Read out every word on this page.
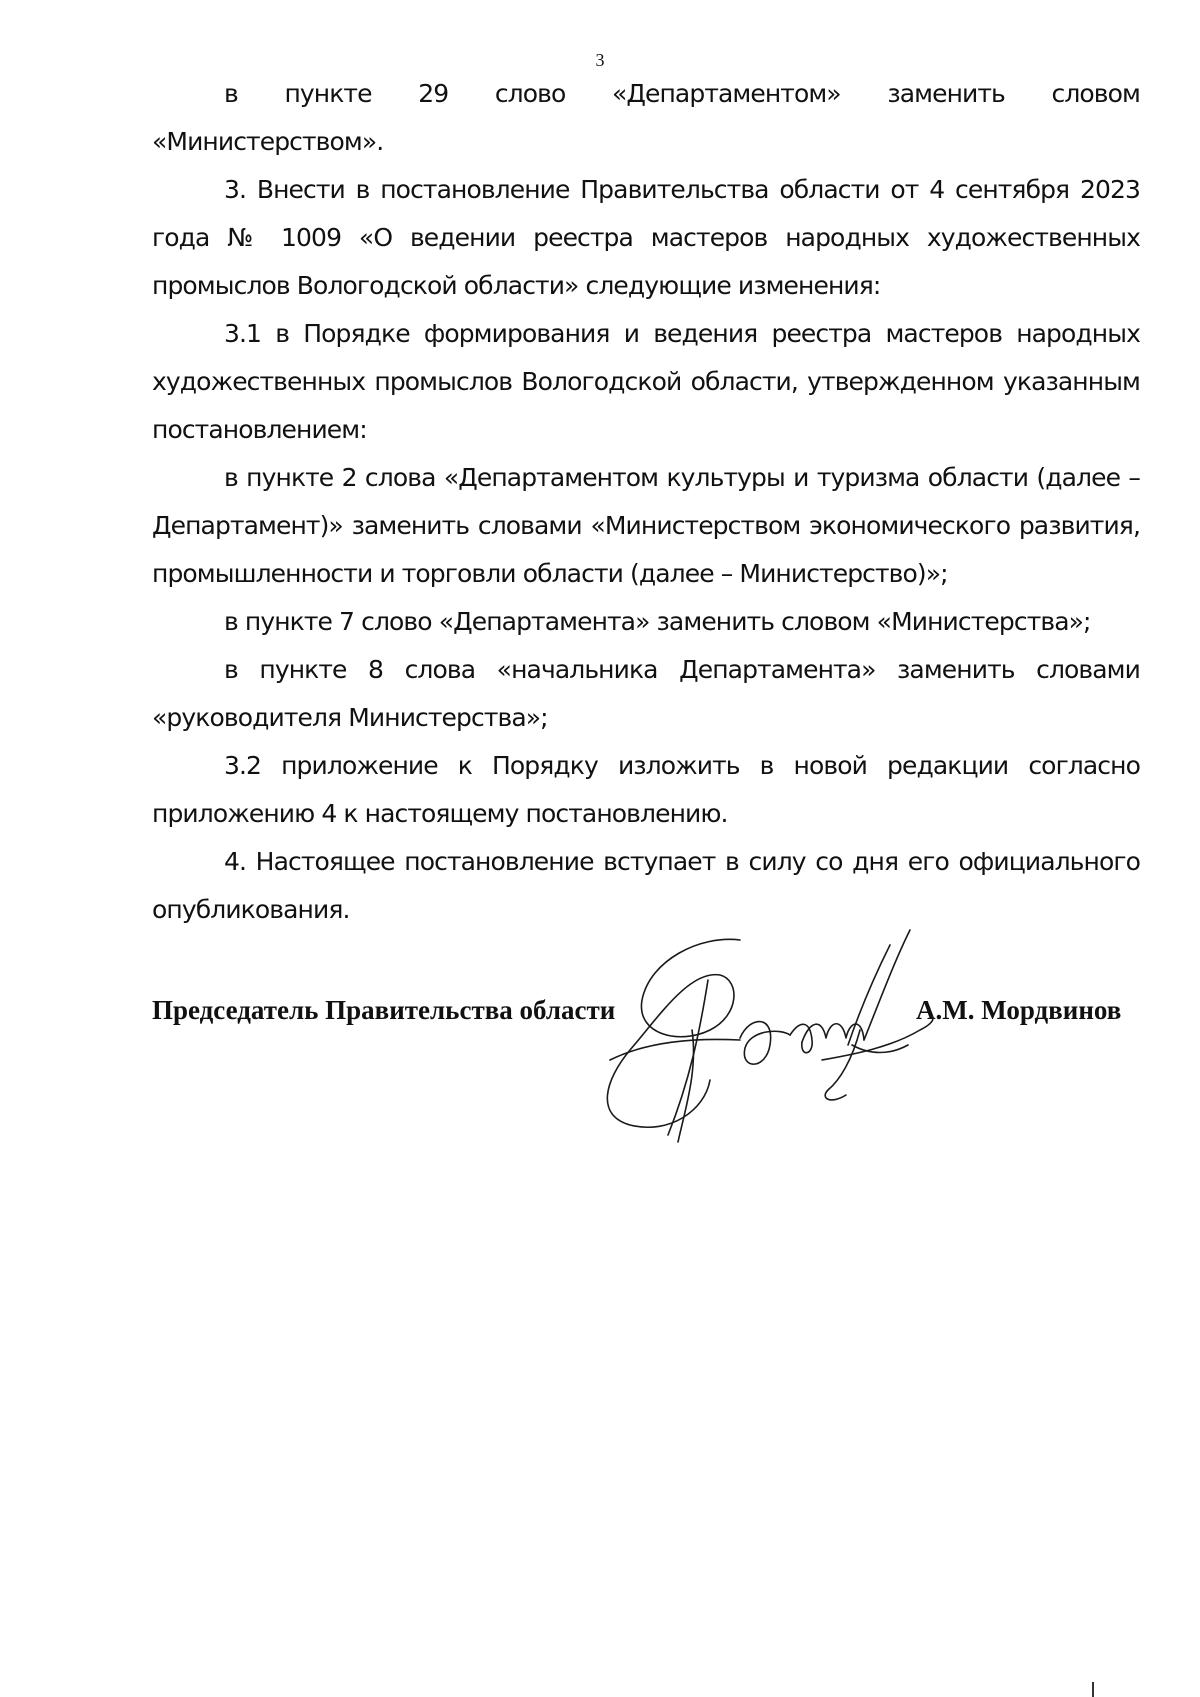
3

в пункте 29 слово «Департаментом» заменить словом «Министерством».

3. Внести в постановление Правительства области от 4 сентября 2023 года № 1009 «О ведении реестра мастеров народных художественных промыслов Вологодской области» следующие изменения:

3.1 в Порядке формирования и ведения реестра мастеров народных художественных промыслов Вологодской области, утвержденном указанным постановлением:

в пункте 2 слова «Департаментом культуры и туризма области (далее – Департамент)» заменить словами «Министерством экономического развития, промышленности и торговли области (далее – Министерство)»;

в пункте 7 слово «Департамента» заменить словом «Министерства»;

в пункте 8 слова «начальника Департамента» заменить словами «руководителя Министерства»;

3.2 приложение к Порядку изложить в новой редакции согласно приложению 4 к настоящему постановлению.

4. Настоящее постановление вступает в силу со дня его официального опубликования.

Председатель Правительства области	А.М. Мордвинов
